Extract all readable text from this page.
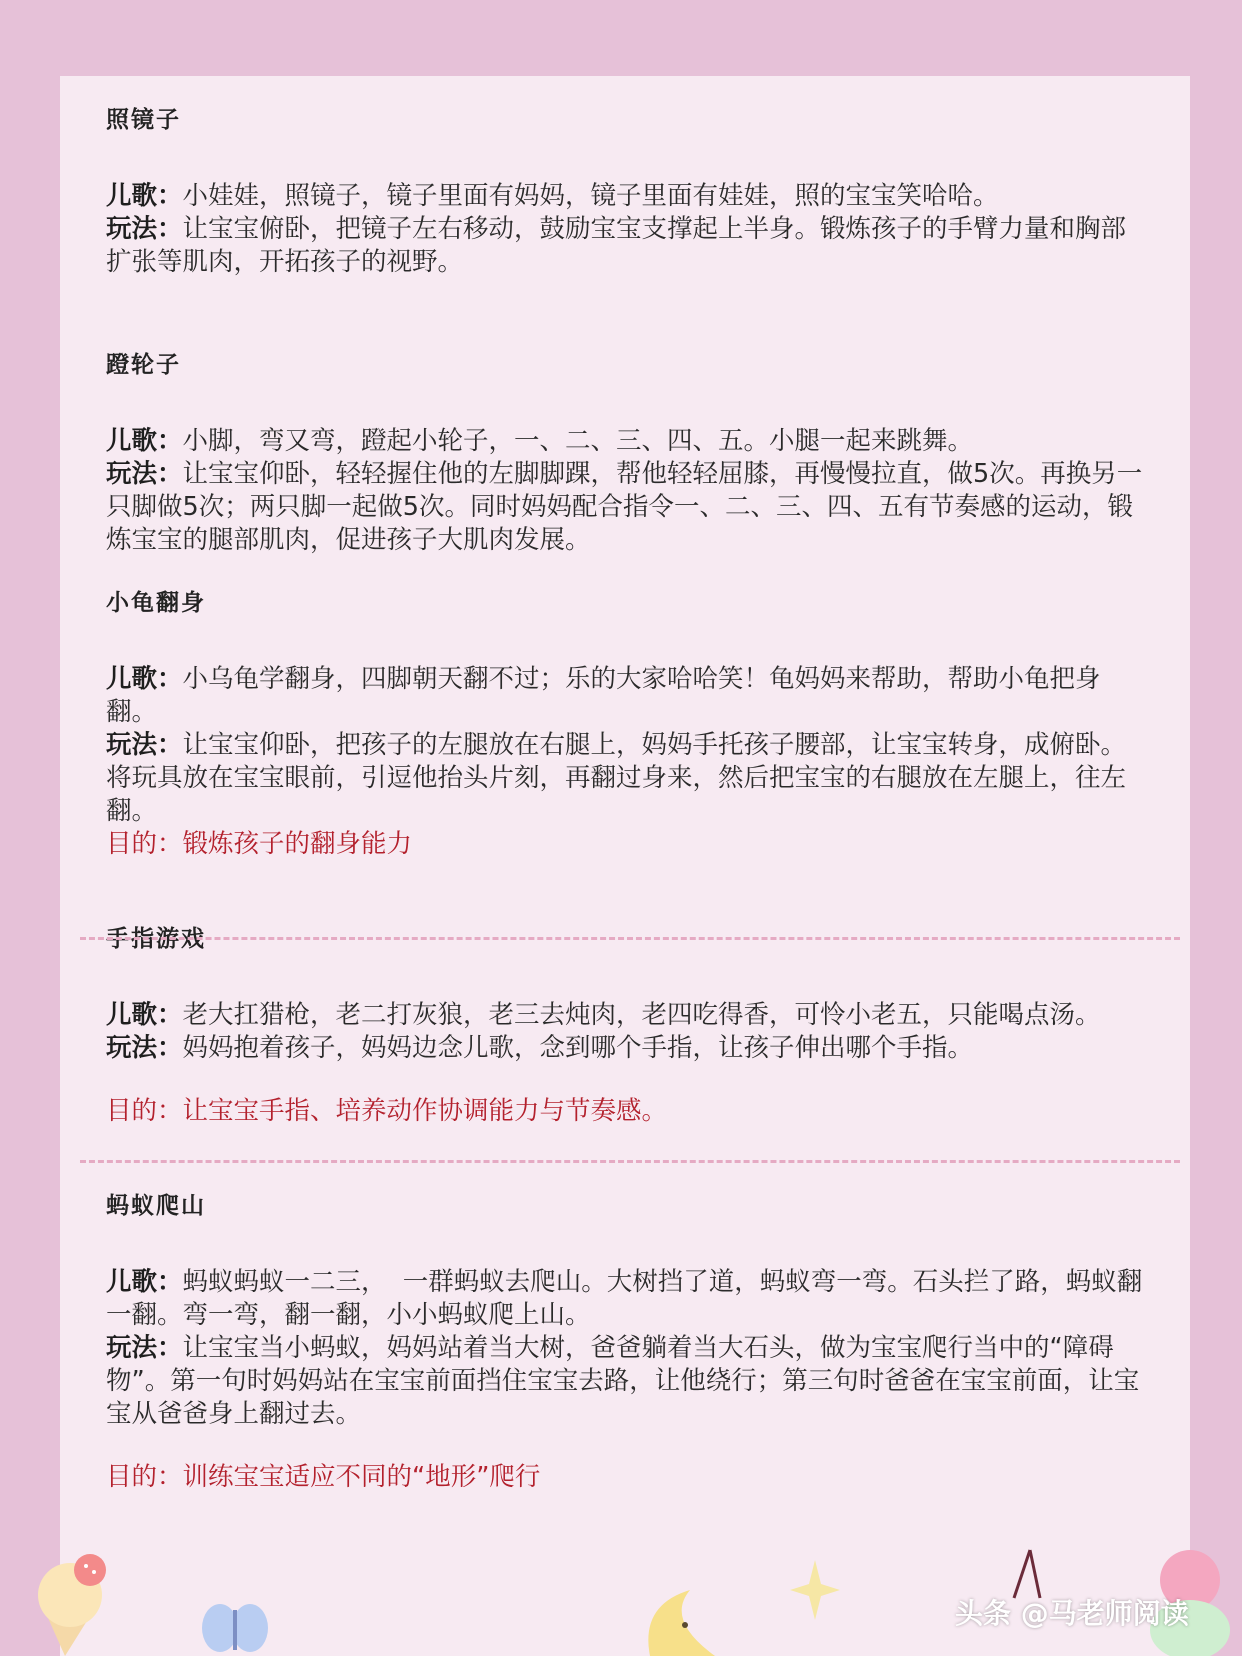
照镜子

儿歌：小娃娃，照镜子，镜子里面有妈妈，镜子里面有娃娃，照的宝宝笑哈哈。

玩法：让宝宝俯卧，把镜子左右移动，鼓励宝宝支撑起上半身。锻炼孩子的手臂力量和胸部扩张等肌肉，开拓孩子的视野。

蹬轮子

儿歌：小脚，弯又弯，蹬起小轮子，一、二、三、四、五。小腿一起来跳舞。

玩法：让宝宝仰卧，轻轻握住他的左脚脚踝，帮他轻轻屈膝，再慢慢拉直，做5次。再换另一只脚做5次；两只脚一起做5次。同时妈妈配合指令一、二、三、四、五有节奏感的运动，锻炼宝宝的腿部肌肉，促进孩子大肌肉发展。

小龟翻身

儿歌：小乌龟学翻身，四脚朝天翻不过；乐的大家哈哈笑！龟妈妈来帮助，帮助小龟把身翻。

玩法：让宝宝仰卧，把孩子的左腿放在右腿上，妈妈手托孩子腰部，让宝宝转身，成俯卧。将玩具放在宝宝眼前，引逗他抬头片刻，再翻过身来，然后把宝宝的右腿放在左腿上，往左翻。

目的：锻炼孩子的翻身能力

手指游戏

儿歌：老大扛猎枪，老二打灰狼，老三去炖肉，老四吃得香，可怜小老五，只能喝点汤。

玩法：妈妈抱着孩子，妈妈边念儿歌，念到哪个手指，让孩子伸出哪个手指。

目的：让宝宝手指、培养动作协调能力与节奏感。

蚂蚁爬山

儿歌：蚂蚁蚂蚁一二三，  一群蚂蚁去爬山。大树挡了道，蚂蚁弯一弯。石头拦了路，蚂蚁翻一翻。弯一弯，翻一翻，小小蚂蚁爬上山。

玩法：让宝宝当小蚂蚁，妈妈站着当大树，爸爸躺着当大石头，做为宝宝爬行当中的“障碍物”。第一句时妈妈站在宝宝前面挡住宝宝去路，让他绕行；第三句时爸爸在宝宝前面，让宝宝从爸爸身上翻过去。

目的：训练宝宝适应不同的“地形”爬行

头条 @马老师阅读
